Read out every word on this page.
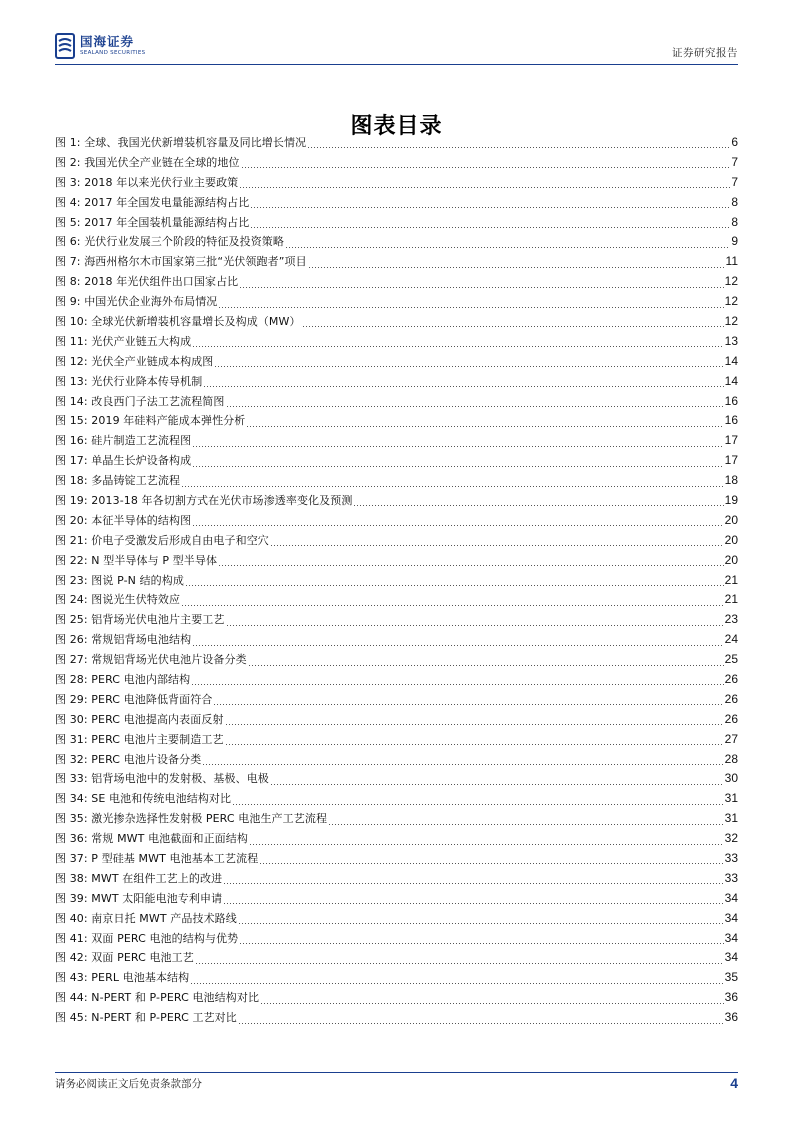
国海证券
SEALAND SECURITIES	证券研究报告
图表目录
图 1: 全球、我国光伏新增装机容量及同比增长情况	6
图 2: 我国光伏全产业链在全球的地位	7
图 3: 2018 年以来光伏行业主要政策	7
图 4: 2017 年全国发电量能源结构占比	8
图 5: 2017 年全国装机量能源结构占比	8
图 6: 光伏行业发展三个阶段的特征及投资策略	9
图 7: 海西州格尔木市国家第三批“光伏领跑者”项目	11
图 8: 2018 年光伏组件出口国家占比	12
图 9: 中国光伏企业海外布局情况	12
图 10: 全球光伏新增装机容量增长及构成（MW）	12
图 11: 光伏产业链五大构成	13
图 12: 光伏全产业链成本构成图	14
图 13: 光伏行业降本传导机制	14
图 14: 改良西门子法工艺流程简图	16
图 15: 2019 年硅料产能成本弹性分析	16
图 16: 硅片制造工艺流程图	17
图 17: 单晶生长炉设备构成	17
图 18: 多晶铸锭工艺流程	18
图 19: 2013-18 年各切割方式在光伏市场渗透率变化及预测	19
图 20: 本征半导体的结构图	20
图 21: 价电子受激发后形成自由电子和空穴	20
图 22: N 型半导体与 P 型半导体	20
图 23: 图说 P-N 结的构成	21
图 24: 图说光生伏特效应	21
图 25: 铝背场光伏电池片主要工艺	23
图 26: 常规铝背场电池结构	24
图 27: 常规铝背场光伏电池片设备分类	25
图 28: PERC 电池内部结构	26
图 29: PERC 电池降低背面符合	26
图 30: PERC 电池提高内表面反射	26
图 31: PERC 电池片主要制造工艺	27
图 32: PERC 电池片设备分类	28
图 33: 铝背场电池中的发射极、基极、电极	30
图 34: SE 电池和传统电池结构对比	31
图 35: 激光掺杂选择性发射极 PERC 电池生产工艺流程	31
图 36: 常规 MWT 电池截面和正面结构	32
图 37: P 型硅基 MWT 电池基本工艺流程	33
图 38: MWT 在组件工艺上的改进	33
图 39: MWT 太阳能电池专利申请	34
图 40: 南京日托 MWT 产品技术路线	34
图 41: 双面 PERC 电池的结构与优势	34
图 42: 双面 PERC 电池工艺	34
图 43: PERL 电池基本结构	35
图 44: N-PERT 和 P-PERC 电池结构对比	36
图 45: N-PERT 和 P-PERC 工艺对比	36
请务必阅读正文后免责条款部分	4
